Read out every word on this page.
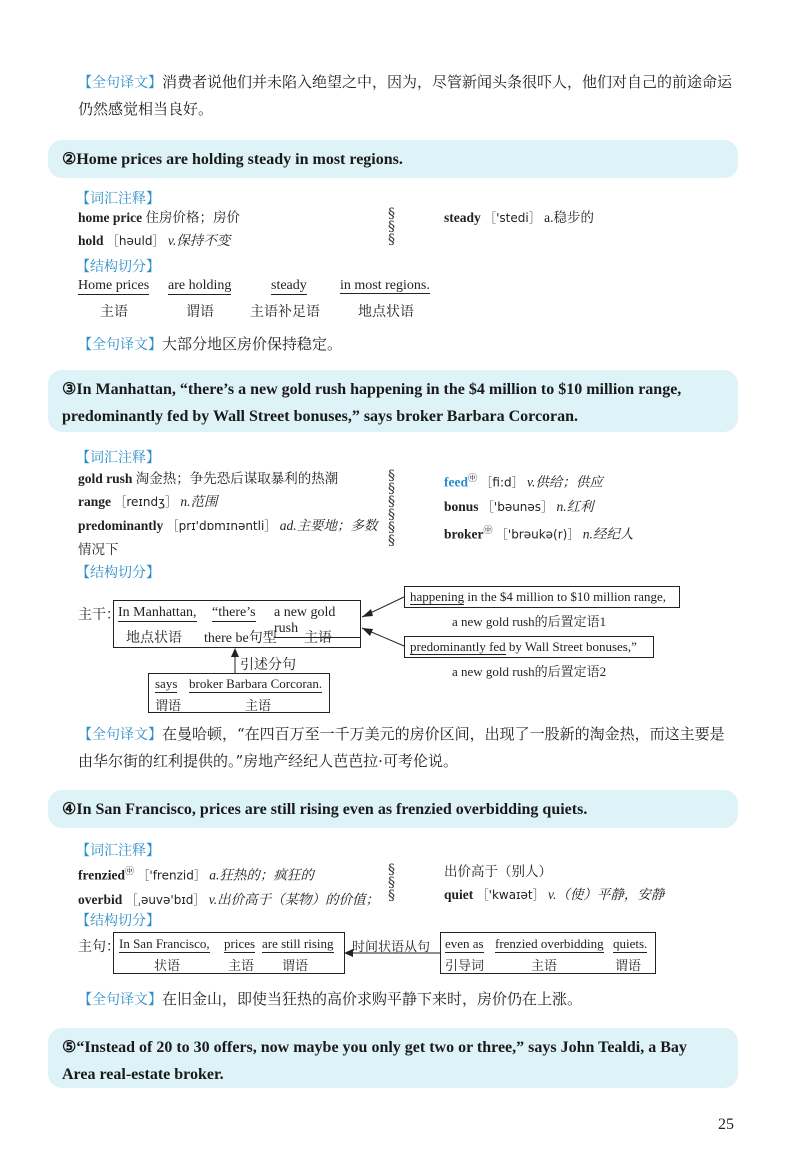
【全句译文】消费者说他们并未陷入绝望之中，因为，尽管新闻头条很吓人，他们对自己的前途命运
仍然感觉相当良好。
②Home prices are holding steady in most regions.
【词汇注释】
home price 住房价格；房价
hold ［həuld］ v.保持不变
§
§
§
steady ［'stedi］ a.稳步的
【结构切分】
Home prices
主语
are holding
谓语
steady
主语补足语
in most regions.
地点状语
【全句译文】大部分地区房价保持稳定。
③In Manhattan, “there’s a new gold rush happening in the $4 million to $10 million range,
predominantly fed by Wall Street bonuses,” says broker Barbara Corcoran.
【词汇注释】
gold rush 淘金热；争先恐后谋取暴利的热潮
range ［reɪndʒ］ n.范围
predominantly ［prɪ'dɒmɪnəntli］ ad.主要地；多数
情况下
§
§
§
§
§
§
feed㊥ ［fi:d］ v.供给；供应
bonus ［'bəunəs］ n.红利
broker㊥ ［'brəukə(r)］ n.经纪人
【结构切分】
主干：
In Manhattan,
地点状语
“there’s
there be句型
a new gold rush
主语
happening in the $4 million to $10 million range,
a new gold rush的后置定语1
predominantly fed by Wall Street bonuses,”
a new gold rush的后置定语2
引述分句
says
谓语
broker Barbara Corcoran.
主语
【全句译文】在曼哈顿，“在四百万至一千万美元的房价区间，出现了一股新的淘金热，而这主要是
由华尔街的红利提供的。”房地产经纪人芭芭拉·可考伦说。
④In San Francisco, prices are still rising even as frenzied overbidding quiets.
【词汇注释】
frenzied㊥ ［'frenzid］ a.狂热的；疯狂的
overbid ［ˌəuvə'bɪd］ v.出价高于（某物）的价值；
§
§
§
出价高于（别人）
quiet ［'kwaɪət］ v.（使）平静，安静
【结构切分】
主句： In San Francisco,
状语
prices
主语
are still rising
谓语
时间状语从句 even as
引导词
frenzied overbidding
主语
quiets.
谓语
【全句译文】在旧金山，即使当狂热的高价求购平静下来时，房价仍在上涨。
⑤“Instead of 20 to 30 offers, now maybe you only get two or three,” says John Tealdi, a Bay
Area real-estate broker.
25
